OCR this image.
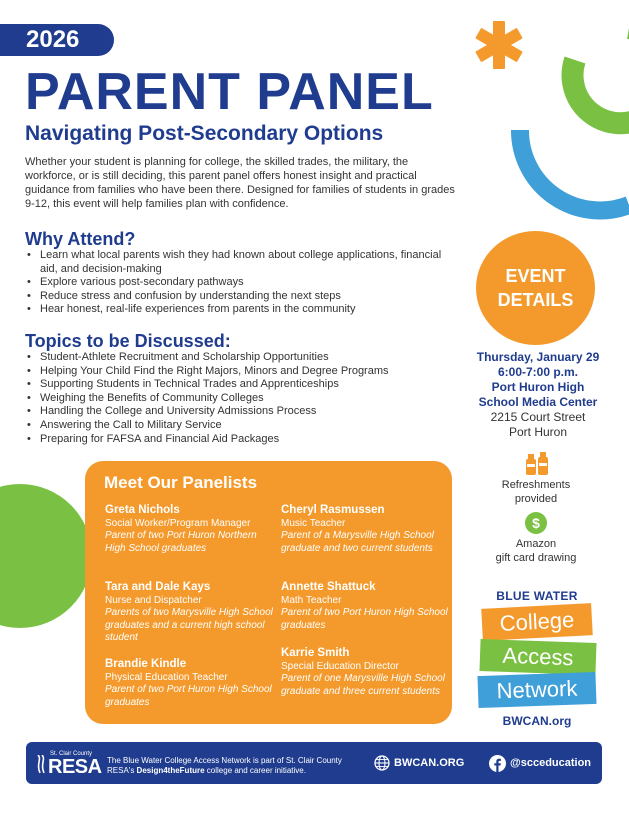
2026
PARENT PANEL
Navigating Post-Secondary Options

Whether your student is planning for college, the skilled trades, the military, the workforce, or is still deciding, this parent panel offers honest insight and practical guidance from families who have been there. Designed for families of students in grades 9-12, this event will help families plan with confidence.

Why Attend?
• Learn what local parents wish they had known about college applications, financial aid, and decision-making
• Explore various post-secondary pathways
• Reduce stress and confusion by understanding the next steps
• Hear honest, real-life experiences from parents in the community
Topics to be Discussed:
• Student-Athlete Recruitment and Scholarship Opportunities
• Helping Your Child Find the Right Majors, Minors and Degree Programs
• Supporting Students in Technical Trades and Apprenticeships
• Weighing the Benefits of Community Colleges
• Handling the College and University Admissions Process
• Answering the Call to Military Service
• Preparing for FAFSA and Financial Aid Packages
Meet Our Panelists
Greta Nichols
Social Worker/Program Manager
Parent of two Port Huron Northern High School graduates
Tara and Dale Kays
Nurse and Dispatcher
Parents of two Marysville High School graduates and a current high school student
Brandie Kindle
Physical Education Teacher
Parent of two Port Huron High School graduates
Cheryl Rasmussen
Music Teacher
Parent of a Marysville High School graduate and two current students
Annette Shattuck
Math Teacher
Parent of two Port Huron High School graduates
Karrie Smith
Special Education Director
Parent of one Marysville High School graduate and three current students
EVENT
DETAILS
Thursday, January 29
6:00-7:00 p.m.
Port Huron High
School Media Center
2215 Court Street
Port Huron
Refreshments
provided
$
Amazon
gift card drawing
BLUE WATER
College
Access
Network
BWCAN.org
St. Clair County
RESA The Blue Water College Access Network is part of St. Clair County RESA's Design4theFuture college and career initiative.
BWCAN.ORG	@scceducation
